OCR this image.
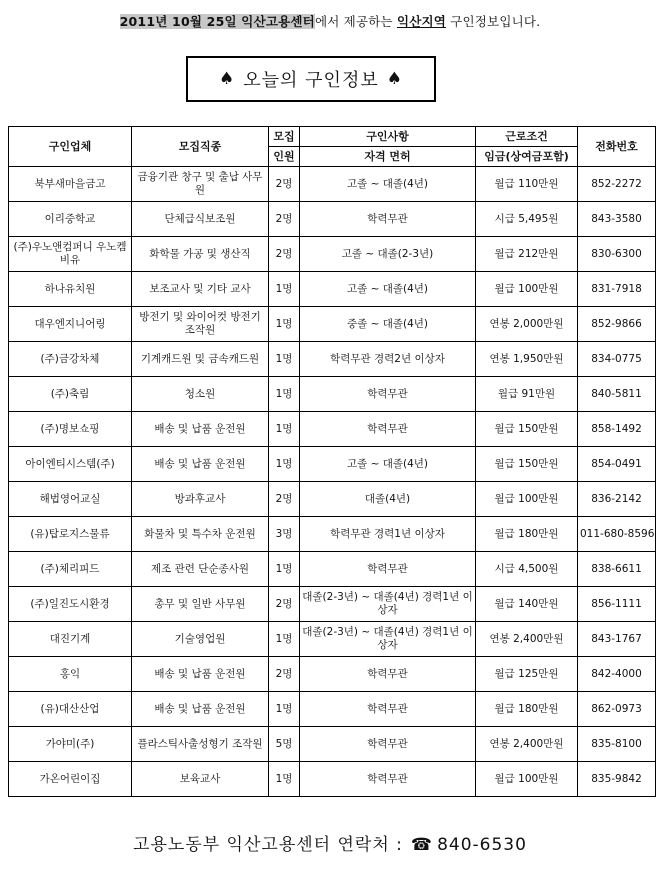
2011년 10월 25일 익산고용센터에서 제공하는 익산지역 구인정보입니다.
♠ 오늘의 구인정보 ♠
구인업체	모집직종	모집	구인사항	근로조건	전화번호
		인원	자격 면허	임금(상여금포함)	
북부새마을금고	금융기관 창구 및 출납 사무원	2명	고졸 ~ 대졸(4년)	월급 110만원	852-2272
이리중학교	단체급식보조원	2명	학력무관	시급 5,495원	843-3580
(주)우노앤컴퍼니 우노켐비유	화학물 가공 및 생산직	2명	고졸 ~ 대졸(2-3년)	월급 212만원	830-6300
하나유치원	보조교사 및 기타 교사	1명	고졸 ~ 대졸(4년)	월급 100만원	831-7918
대우엔지니어링	방전기 및 와이어컷 방전기 조작원	1명	중졸 ~ 대졸(4년)	연봉 2,000만원	852-9866
(주)금강차체	기계캐드원 및 금속캐드원	1명	학력무관 경력2년 이상자	연봉 1,950만원	834-0775
(주)축림	청소원	1명	학력무관	월급 91만원	840-5811
(주)명보쇼핑	배송 및 납품 운전원	1명	학력무관	월급 150만원	858-1492
아이엔티시스템(주)	배송 및 납품 운전원	1명	고졸 ~ 대졸(4년)	월급 150만원	854-0491
해법영어교실	방과후교사	2명	대졸(4년)	월급 100만원	836-2142
(유)탑로지스물류	화물차 및 특수차 운전원	3명	학력무관 경력1년 이상자	월급 180만원	011-680-8596
(주)체리피드	제조 관련 단순종사원	1명	학력무관	시급 4,500원	838-6611
(주)일진도시환경	총무 및 일반 사무원	2명	대졸(2-3년) ~ 대졸(4년) 경력1년 이상자	월급 140만원	856-1111
대진기계	기술영업원	1명	대졸(2-3년) ~ 대졸(4년) 경력1년 이상자	연봉 2,400만원	843-1767
홍익	배송 및 납품 운전원	2명	학력무관	월급 125만원	842-4000
(유)대산산업	배송 및 납품 운전원	1명	학력무관	월급 180만원	862-0973
가야미(주)	플라스틱사출성형기 조작원	5명	학력무관	연봉 2,400만원	835-8100
가온어린이집	보육교사	1명	학력무관	월급 100만원	835-9842
고용노동부 익산고용센터 연락처 : ☎ 840-6530
